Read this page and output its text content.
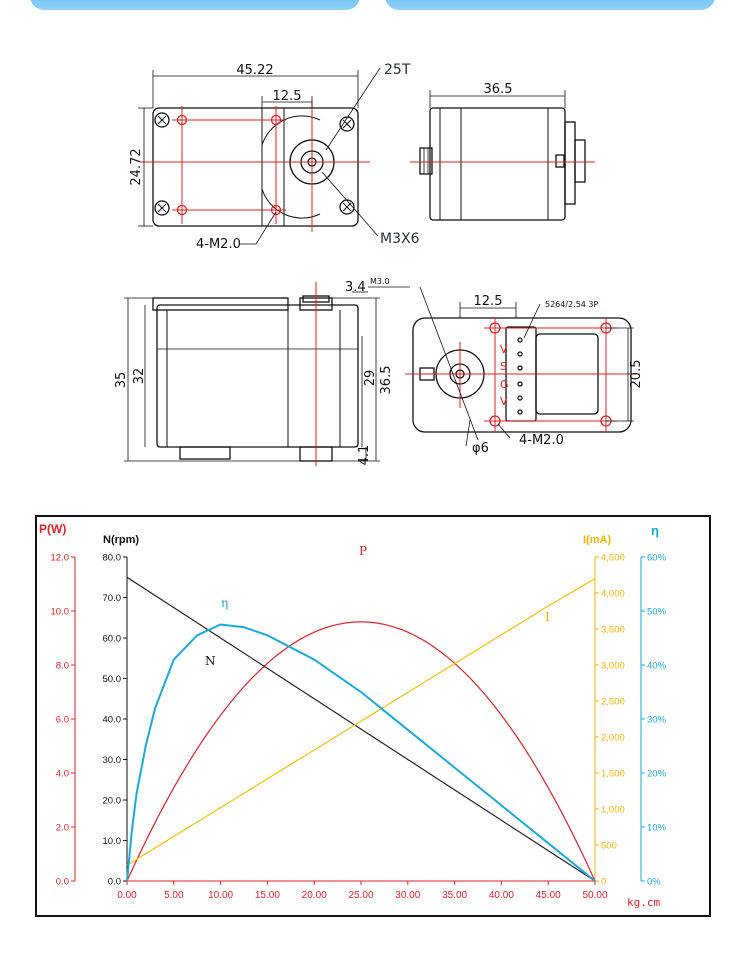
45.22
12.5
24.72
25T
4-M2.0	M3X6
36.5
M3.0
3.4
35 32	29 36.5
4.1
12.5	5264/2.54 3P
V
S
G
V
20.5
4-M2.0
φ6
0.0
2.0
4.0
6.0
8.0
10.0
12.0
0.0
10.0
20.0
30.0
40.0
50.0
60.0
70.0
80.0
0
500
1,000
1,500
2,000
2,500
3,000
3,500
4,000
4,500
0%
10%
20%
30%
40%
50%
60%
P(W)
N(rpm)	I(mA)
η
0.00	5.00 10.00 15.00 20.00 25.00 30.00 35.00 40.00 45.00 50.00
kg.cm
N
η
P
I
